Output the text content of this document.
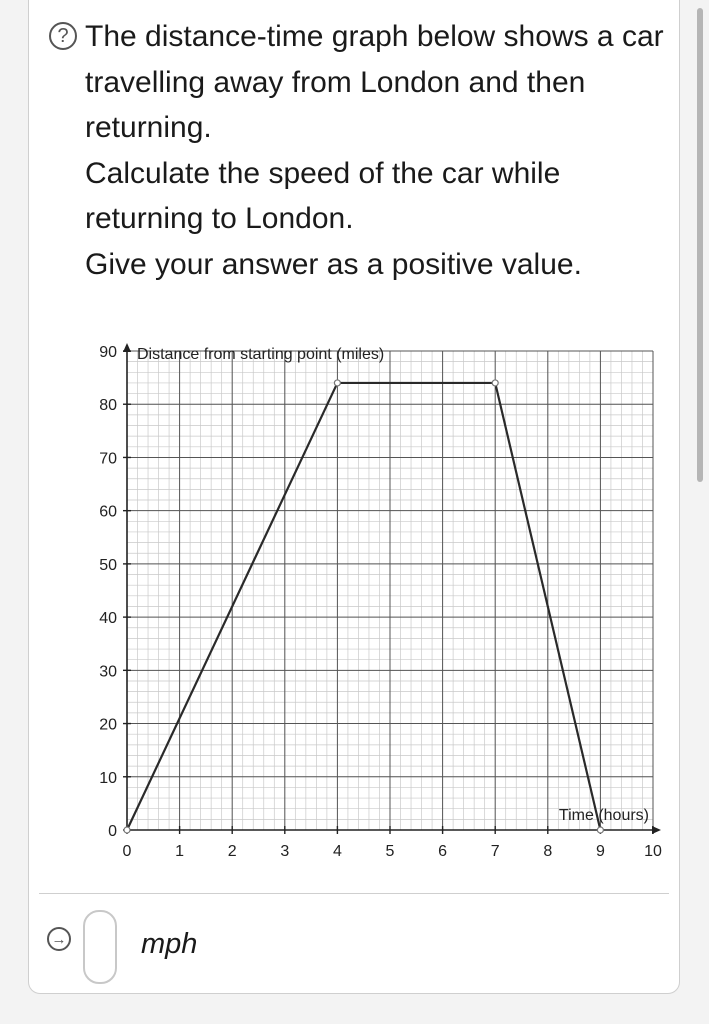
? The distance-time graph below shows a car travelling away from London and then returning.

Calculate the speed of the car while returning to London.

Give your answer as a positive value.

0	1	2	3	4	5	6	7	8	9 10
0
10
20
30
40
50
60
70
80
90 Distance from starting point (miles)
Time (hours)
→	mph
